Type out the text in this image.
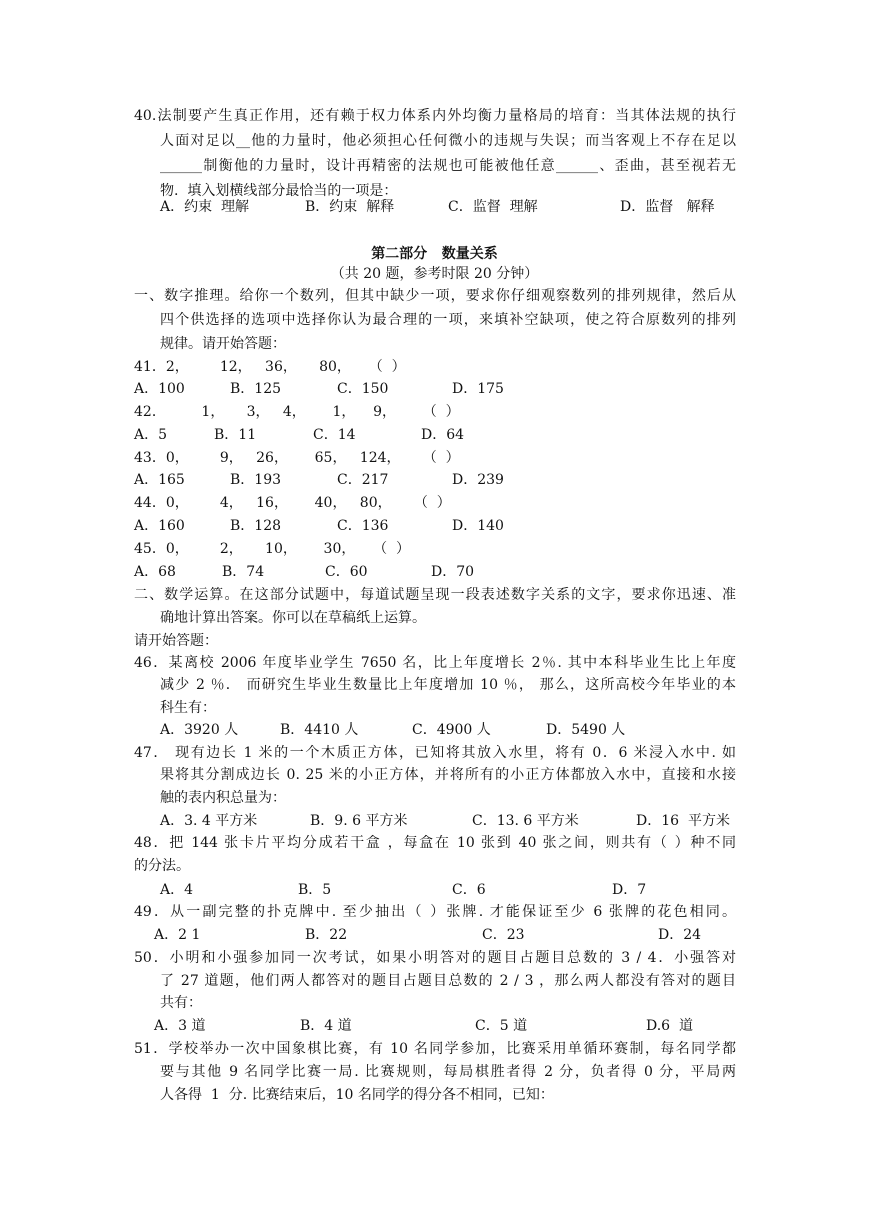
40.法制要产生真正作用，还有赖于权力体系内外均衡力量格局的培育：当其体法规的执行
人面对足以__他的力量时，他必须担心任何微小的违规与失误；而当客观上不存在足以
______制衡他的力量时，设计再精密的法规也可能被他任意______、歪曲，甚至视若无
物.  填入划横线部分最恰当的一项是：
A．约束  理解	B．约束  解释	C．监督  理解	D．监督   解释
第二部分   数量关系
（共 20 题，参考时限 20 分钟）
一、数字推理。给你一个数列，但其中缺少一项，要求你仔细观察数列的排列规律，然后从
四个供选择的选项中选择你认为最合理的一项，来填补空缺项，使之符合原数列的排列
规律。请开始答题：
41．2，       12，   36，     80，    （  ）
A．100	B．125	C．150	D．175
42．        1，     3，   4，      1，    9，      （  ）
A．5	B．11	C．14	D．64
43．0，       9，   26，      65，   124，     （  ）
A．165	B．193	C．217	D．239
44．0，       4，   16，      40，   80，     （  ）
A．160	B．128	C．136	D．140
45．0，       2，     10，      30，    （  ）
A．68	B．74	C．60	D．70
二、数学运算。在这部分试题中，每道试题呈现一段表述数字关系的文字，要求你迅速、准
确地计算出答案。你可以在草稿纸上运算。
请开始答题：
46．某离校 2006 年度毕业学生 7650 名，比上年度增长 2％. 其中本科毕业生比上年度
减少 2 ％． 而研究生毕业生数量比上年度增加 10 ％， 那么，这所高校今年毕业的本
科生有：
A．3920 人	B．4410 人	C．4900 人	D．5490 人
47． 现有边长 1 米的一个木质正方体，已知将其放入水里，将有 0．6 米浸入水中. 如
果将其分割成边长 0. 25 米的小正方体，并将所有的小正方体都放入水中，直接和水接
触的表内积总量为：
A．3. 4 平方米	B．9. 6 平方米	C．13. 6 平方米	D．16  平方米
48．把 144 张卡片平均分成若干盒 ，每盒在 10 张到 40 张之间，则共有（ ）种不同
的分法。
A．4	B．5	C．6	D．7
49．从一副完整的扑克牌中. 至少抽出（ ）张牌. 才能保证至少 6 张牌的花色相同。
A．2 1	B．22	C．23	D．24
50．小明和小强参加同一次考试，如果小明答对的题目占题目总数的 3 / 4．小强答对
了 27 道题，他们两人都答对的题目占题目总数的 2 / 3 ，那么两人都没有答对的题目
共有：
A．3 道	B．4 道	C．5 道	D.6  道
51．学校举办一次中国象棋比赛，有 10 名同学参加，比赛采用单循环赛制，每名同学都
要与其他 9 名同学比赛一局. 比赛规则，每局棋胜者得 2 分，负者得 0 分，平局两
人各得  1  分. 比赛结束后，10 名同学的得分各不相同，已知：
